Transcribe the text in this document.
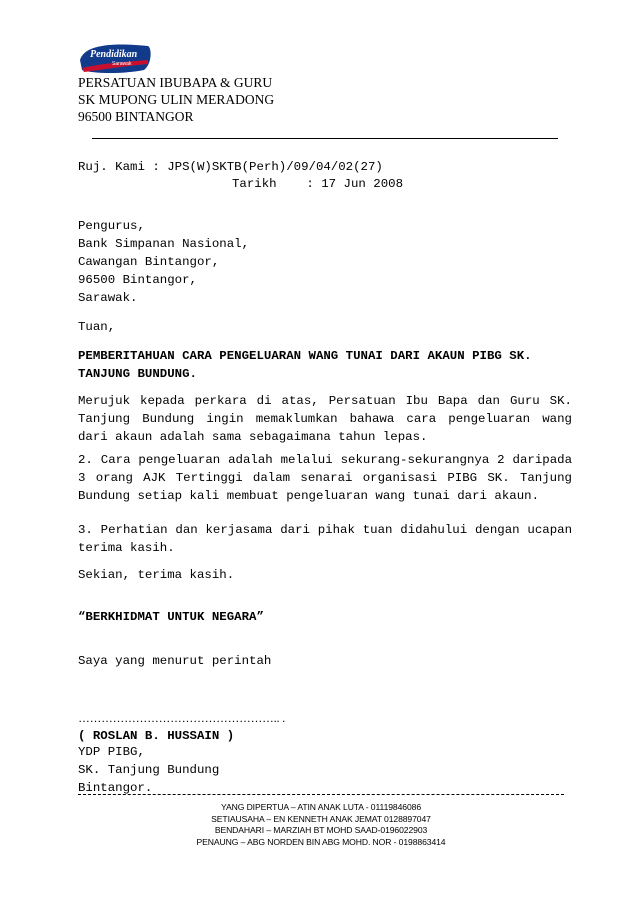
Pendidikan
Sarawak
PERSATUAN IBUBAPA & GURU
SK MUPONG ULIN MERADONG
96500 BINTANGOR
Ruj. Kami : JPS(W)SKTB(Perh)/09/04/02(27)
Tarikh    : 17 Jun 2008
Pengurus,
Bank Simpanan Nasional,
Cawangan Bintangor,
96500 Bintangor,
Sarawak.
Tuan,
PEMBERITAHUAN CARA PENGELUARAN WANG TUNAI DARI AKAUN PIBG SK. TANJUNG BUNDUNG.
Merujuk kepada perkara di atas, Persatuan Ibu Bapa dan Guru SK. Tanjung Bundung ingin memaklumkan bahawa cara pengeluaran wang dari akaun adalah sama sebagaimana tahun lepas.
2. Cara pengeluaran adalah melalui sekurang-sekurangnya 2 daripada 3 orang AJK Tertinggi dalam senarai organisasi PIBG SK. Tanjung Bundung setiap kali membuat pengeluaran wang tunai dari akaun.
3. Perhatian dan kerjasama dari pihak tuan didahului dengan ucapan terima kasih.
Sekian, terima kasih.
“BERKHIDMAT UNTUK NEGARA”
Saya yang menurut perintah
…………………………………………….. .
( ROSLAN B. HUSSAIN )
YDP PIBG,
SK. Tanjung Bundung
Bintangor.
YANG DIPERTUA – ATIN ANAK LUTA - 01119846086
SETIAUSAHA – EN KENNETH ANAK JEMAT 0128897047
BENDAHARI – MARZIAH BT MOHD SAAD-0196022903
PENAUNG – ABG NORDEN BIN ABG MOHD. NOR - 0198863414
